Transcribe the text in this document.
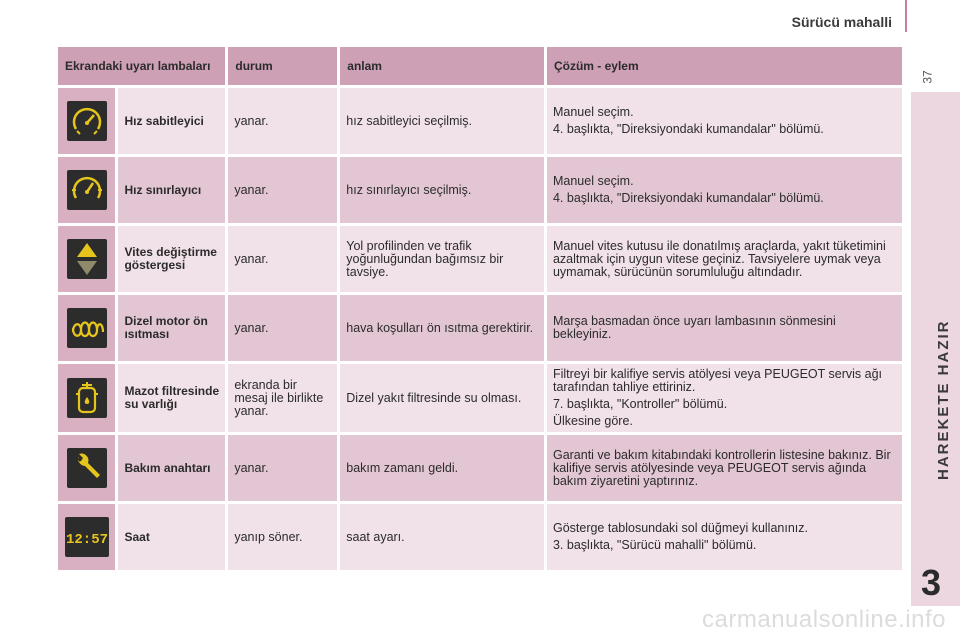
Sürücü mahalli
37
HAREKETE HAZIR
3
Ekrandaki uyarı lambaları		durum	anlam	Çözüm - eylem

	Hız sabitleyici	yanar.	hız sabitleyici seçilmiş.	Manuel seçim.
4. başlıkta, "Direksiyondaki kumandalar" bölümü.

	Hız sınırlayıcı	yanar.	hız sınırlayıcı seçilmiş.	Manuel seçim.
4. başlıkta, "Direksiyondaki kumandalar" bölümü.

	Vites değiştirme göstergesi	yanar.	Yol profilinden ve trafik yoğunluğundan bağımsız bir tavsiye.	Manuel vites kutusu ile donatılmış araçlarda, yakıt tüketimini azaltmak için uygun vitese geçiniz. Tavsiyelere uymak veya uymamak, sürücünün sorumluluğu altındadır.

	Dizel motor ön ısıtması	yanar.	hava koşulları ön ısıtma gerektirir.	Marşa basmadan önce uyarı lambasının sönmesini bekleyiniz.

	Mazot filtresinde su varlığı	ekranda bir mesaj ile birlikte yanar.	Dizel yakıt filtresinde su olması.	Filtreyi bir kalifiye servis atölyesi veya PEUGEOT servis ağı tarafından tahliye ettiriniz.
7. başlıkta, "Kontroller" bölümü.
Ülkesine göre.

	Bakım anahtarı	yanar.	bakım zamanı geldi.	Garanti ve bakım kitabındaki kontrollerin listesine bakınız. Bir kalifiye servis atölyesinde veya PEUGEOT servis ağında bakım ziyaretini yaptırınız.

12:57	Saat	yanıp söner.	saat ayarı.	Gösterge tablosundaki sol düğmeyi kullanınız.
3. başlıkta, "Sürücü mahalli" bölümü.
carmanualsonline.info
